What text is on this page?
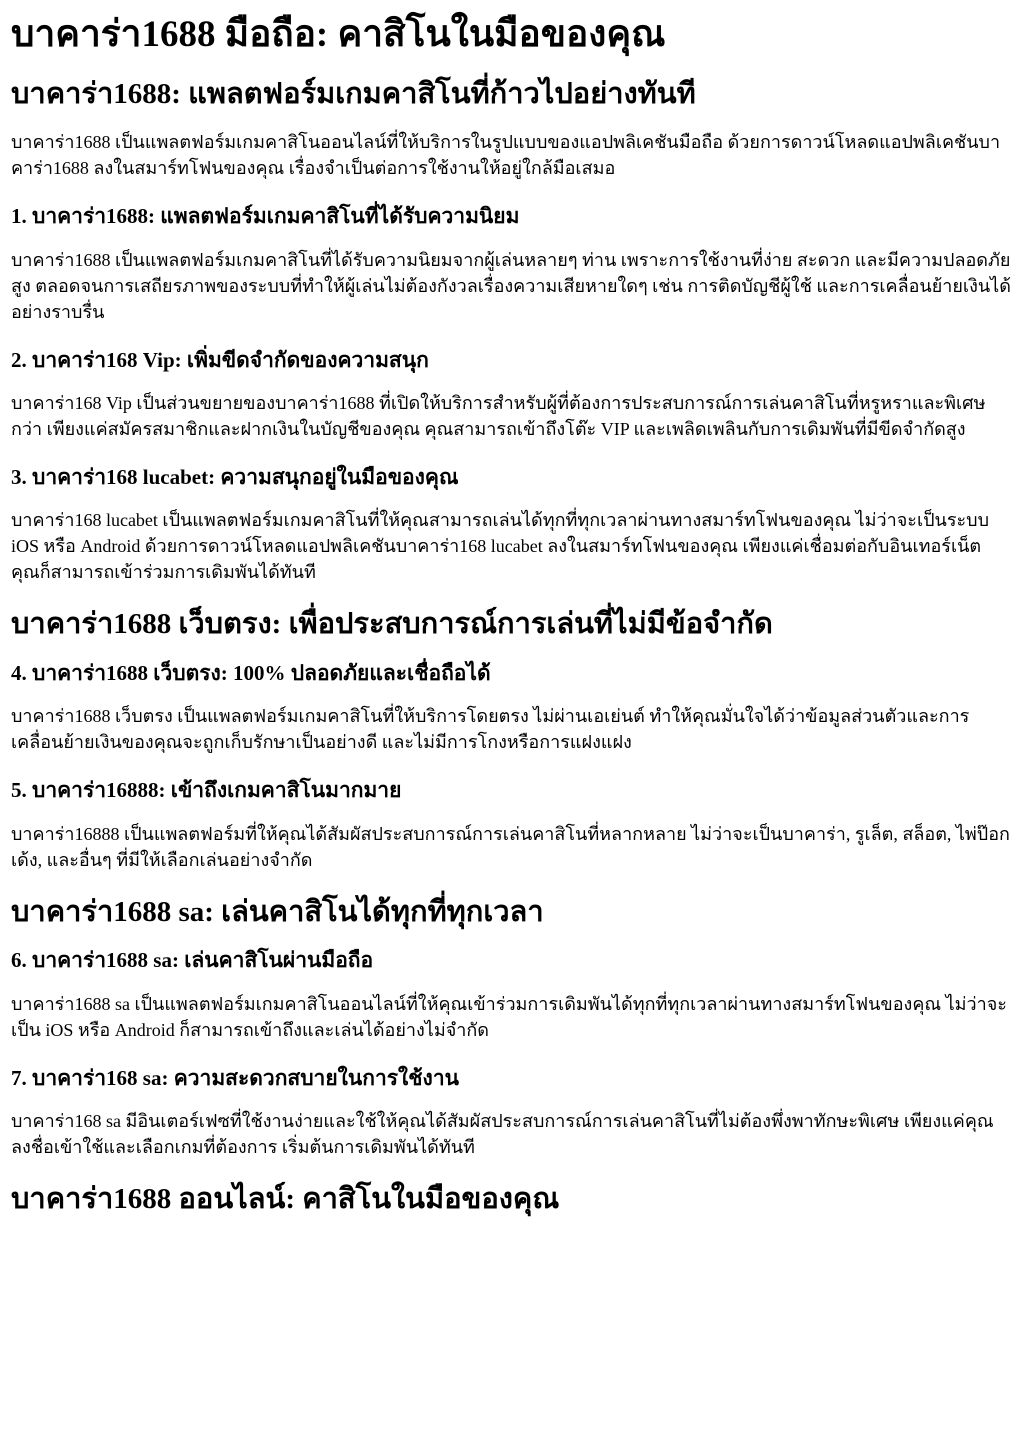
บาคาร่า1688 มือถือ: คาสิโนในมือของคุณ
บาคาร่า1688: แพลตฟอร์มเกมคาสิโนที่ก้าวไปอย่างทันที

บาคาร่า1688 เป็นแพลตฟอร์มเกมคาสิโนออนไลน์ที่ให้บริการในรูปแบบของแอปพลิเคชันมือถือ ด้วยการดาวน์โหลดแอปพลิเคชันบาคาร่า1688 ลงในสมาร์ทโฟนของคุณ เรื่องจำเป็นต่อการใช้งานให้อยู่ใกล้มือเสมอ

1. บาคาร่า1688: แพลตฟอร์มเกมคาสิโนที่ได้รับความนิยม

บาคาร่า1688 เป็นแพลตฟอร์มเกมคาสิโนที่ได้รับความนิยมจากผู้เล่นหลายๆ ท่าน เพราะการใช้งานที่ง่าย สะดวก และมีความปลอดภัยสูง ตลอดจนการเสถียรภาพของระบบที่ทำให้ผู้เล่นไม่ต้องกังวลเรื่องความเสียหายใดๆ เช่น การติดบัญชีผู้ใช้ และการเคลื่อนย้ายเงินได้อย่างราบรื่น

2. บาคาร่า168 Vip: เพิ่มขีดจำกัดของความสนุก

บาคาร่า168 Vip เป็นส่วนขยายของบาคาร่า1688 ที่เปิดให้บริการสำหรับผู้ที่ต้องการประสบการณ์การเล่นคาสิโนที่หรูหราและพิเศษกว่า เพียงแค่สมัครสมาชิกและฝากเงินในบัญชีของคุณ คุณสามารถเข้าถึงโต๊ะ VIP และเพลิดเพลินกับการเดิมพันที่มีขีดจำกัดสูง

3. บาคาร่า168 lucabet: ความสนุกอยู่ในมือของคุณ

บาคาร่า168 lucabet เป็นแพลตฟอร์มเกมคาสิโนที่ให้คุณสามารถเล่นได้ทุกที่ทุกเวลาผ่านทางสมาร์ทโฟนของคุณ ไม่ว่าจะเป็นระบบ iOS หรือ Android ด้วยการดาวน์โหลดแอปพลิเคชันบาคาร่า168 lucabet ลงในสมาร์ทโฟนของคุณ เพียงแค่เชื่อมต่อกับอินเทอร์เน็ต คุณก็สามารถเข้าร่วมการเดิมพันได้ทันที

บาคาร่า1688 เว็บตรง: เพื่อประสบการณ์การเล่นที่ไม่มีข้อจำกัด
4. บาคาร่า1688 เว็บตรง: 100% ปลอดภัยและเชื่อถือได้

บาคาร่า1688 เว็บตรง เป็นแพลตฟอร์มเกมคาสิโนที่ให้บริการโดยตรง ไม่ผ่านเอเย่นต์ ทำให้คุณมั่นใจได้ว่าข้อมูลส่วนตัวและการเคลื่อนย้ายเงินของคุณจะถูกเก็บรักษาเป็นอย่างดี และไม่มีการโกงหรือการแฝงแฝง

5. บาคาร่า16888: เข้าถึงเกมคาสิโนมากมาย

บาคาร่า16888 เป็นแพลตฟอร์มที่ให้คุณได้สัมผัสประสบการณ์การเล่นคาสิโนที่หลากหลาย ไม่ว่าจะเป็นบาคาร่า, รูเล็ต, สล็อต, ไพ่ป๊อกเด้ง, และอื่นๆ ที่มีให้เลือกเล่นอย่างจำกัด

บาคาร่า1688 sa: เล่นคาสิโนได้ทุกที่ทุกเวลา
6. บาคาร่า1688 sa: เล่นคาสิโนผ่านมือถือ

บาคาร่า1688 sa เป็นแพลตฟอร์มเกมคาสิโนออนไลน์ที่ให้คุณเข้าร่วมการเดิมพันได้ทุกที่ทุกเวลาผ่านทางสมาร์ทโฟนของคุณ ไม่ว่าจะเป็น iOS หรือ Android ก็สามารถเข้าถึงและเล่นได้อย่างไม่จำกัด

7. บาคาร่า168 sa: ความสะดวกสบายในการใช้งาน

บาคาร่า168 sa มีอินเตอร์เฟซที่ใช้งานง่ายและใช้ให้คุณได้สัมผัสประสบการณ์การเล่นคาสิโนที่ไม่ต้องพึ่งพาทักษะพิเศษ เพียงแค่คุณลงชื่อเข้าใช้และเลือกเกมที่ต้องการ เริ่มต้นการเดิมพันได้ทันที

บาคาร่า1688 ออนไลน์: คาสิโนในมือของคุณ
